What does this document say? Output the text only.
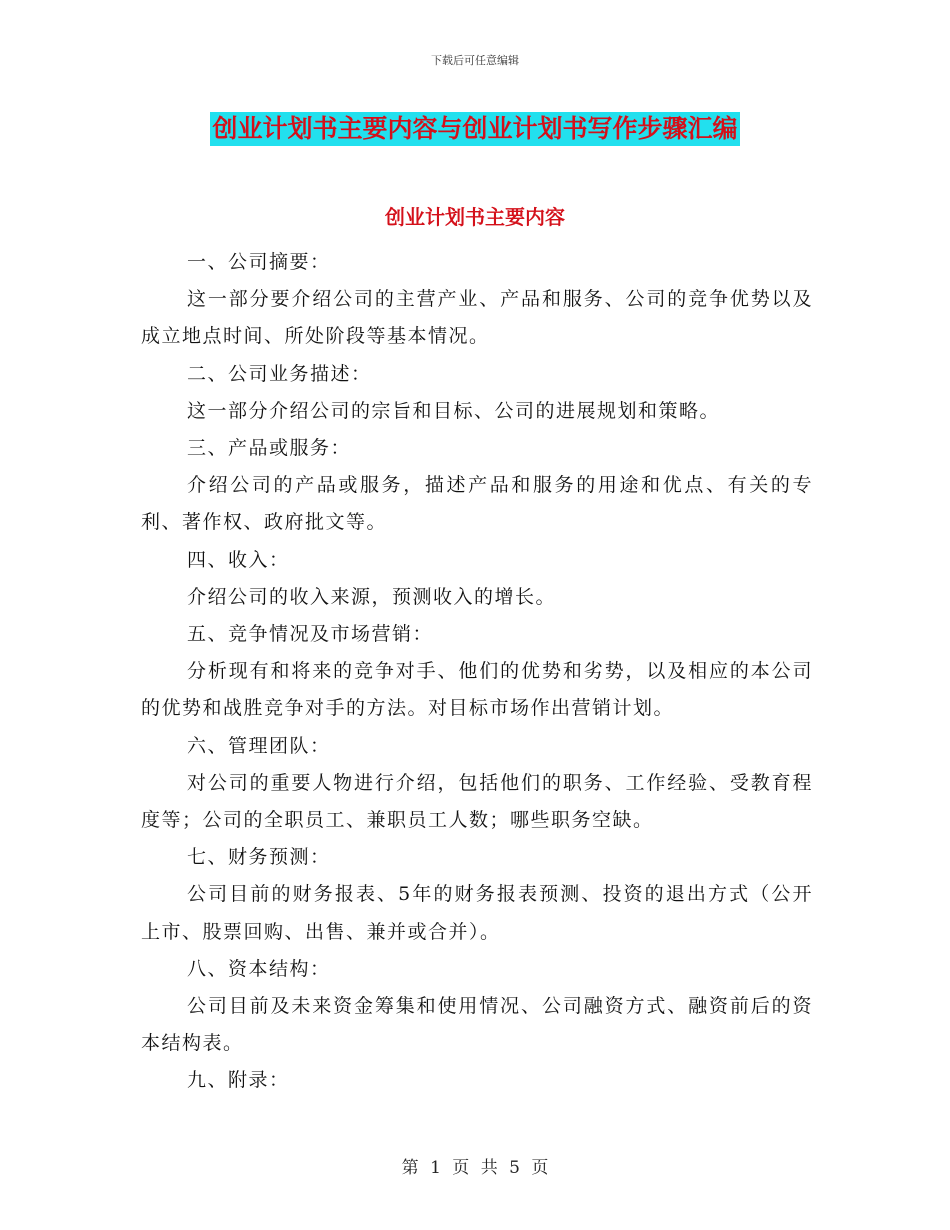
下载后可任意编辑
创业计划书主要内容与创业计划书写作步骤汇编
创业计划书主要内容

一、公司摘要：

这一部分要介绍公司的主营产业、产品和服务、公司的竞争优势以及成立地点时间、所处阶段等基本情况。

二、公司业务描述：

这一部分介绍公司的宗旨和目标、公司的进展规划和策略。

三、产品或服务：

介绍公司的产品或服务，描述产品和服务的用途和优点、有关的专利、著作权、政府批文等。

四、收入：

介绍公司的收入来源，预测收入的增长。

五、竞争情况及市场营销：

分析现有和将来的竞争对手、他们的优势和劣势，以及相应的本公司的优势和战胜竞争对手的方法。对目标市场作出营销计划。

六、管理团队：

对公司的重要人物进行介绍，包括他们的职务、工作经验、受教育程度等；公司的全职员工、兼职员工人数；哪些职务空缺。

七、财务预测：

公司目前的财务报表、5年的财务报表预测、投资的退出方式（公开上市、股票回购、出售、兼并或合并）。

八、资本结构：

公司目前及未来资金筹集和使用情况、公司融资方式、融资前后的资本结构表。

九、附录：

第 1 页 共 5 页
